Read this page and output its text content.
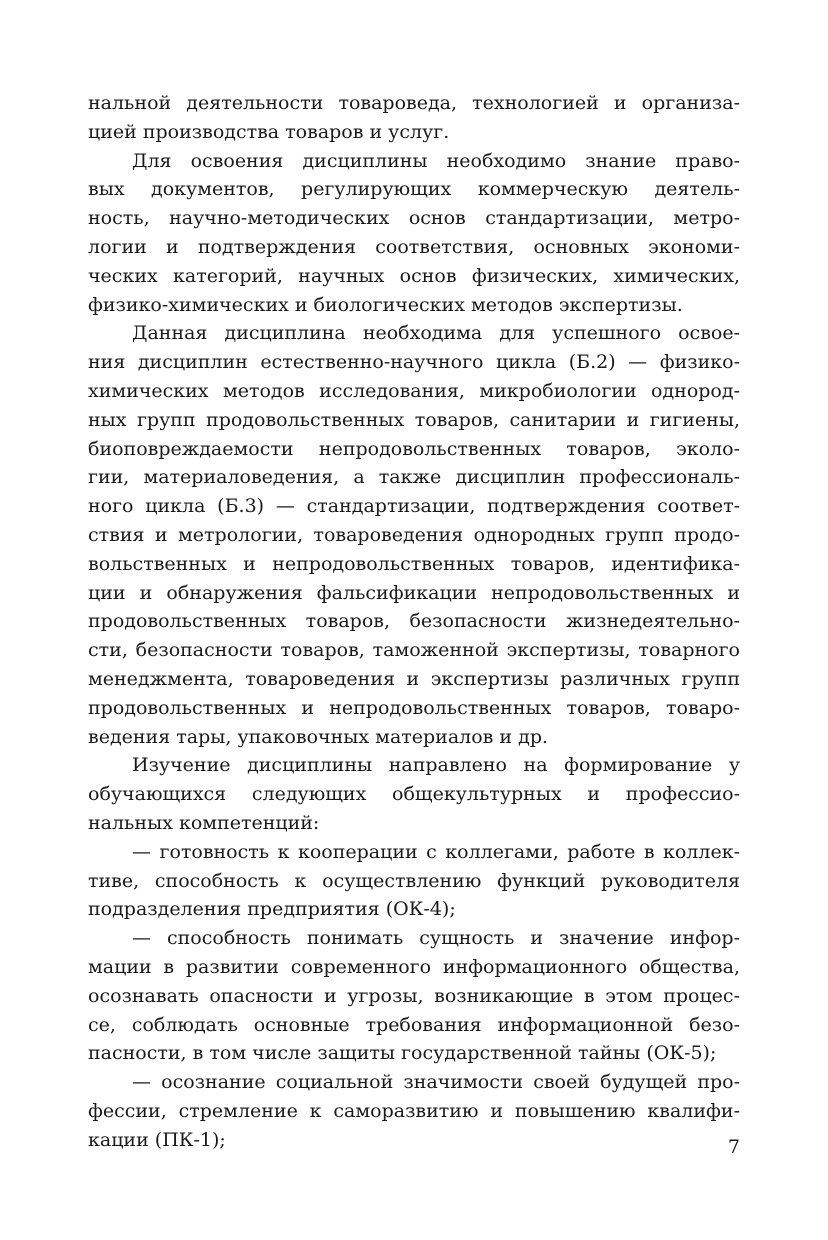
нальной деятельности товароведа, технологией и организа-
цией производства товаров и услуг.
Для освоения дисциплины необходимо знание право-
вых документов, регулирующих коммерческую деятель-
ность, научно-методических основ стандартизации, метро-
логии и подтверждения соответствия, основных экономи-
ческих категорий, научных основ физических, химических,
физико-химических и биологических методов экспертизы.
Данная дисциплина необходима для успешного освое-
ния дисциплин естественно-научного цикла (Б.2) — физико-
химических методов исследования, микробиологии однород-
ных групп продовольственных товаров, санитарии и гигиены,
биоповреждаемости непродовольственных товаров, эколо-
гии, материаловедения, а также дисциплин профессиональ-
ного цикла (Б.3) — стандартизации, подтверждения соответ-
ствия и метрологии, товароведения однородных групп продо-
вольственных и непродовольственных товаров, идентифика-
ции и обнаружения фальсификации непродовольственных и
продовольственных товаров, безопасности жизнедеятельно-
сти, безопасности товаров, таможенной экспертизы, товарного
менеджмента, товароведения и экспертизы различных групп
продовольственных и непродовольственных товаров, товаро-
ведения тары, упаковочных материалов и др.
Изучение дисциплины направлено на формирование у
обучающихся следующих общекультурных и профессио-
нальных компетенций:
— готовность к кооперации с коллегами, работе в коллек-
тиве, способность к осуществлению функций руководителя
подразделения предприятия (ОК-4);
— способность понимать сущность и значение инфор-
мации в развитии современного информационного общества,
осознавать опасности и угрозы, возникающие в этом процес-
се, соблюдать основные требования информационной безо-
пасности, в том числе защиты государственной тайны (ОК-5);
— осознание социальной значимости своей будущей про-
фессии, стремление к саморазвитию и повышению квалифи-
кации (ПК-1);	7
